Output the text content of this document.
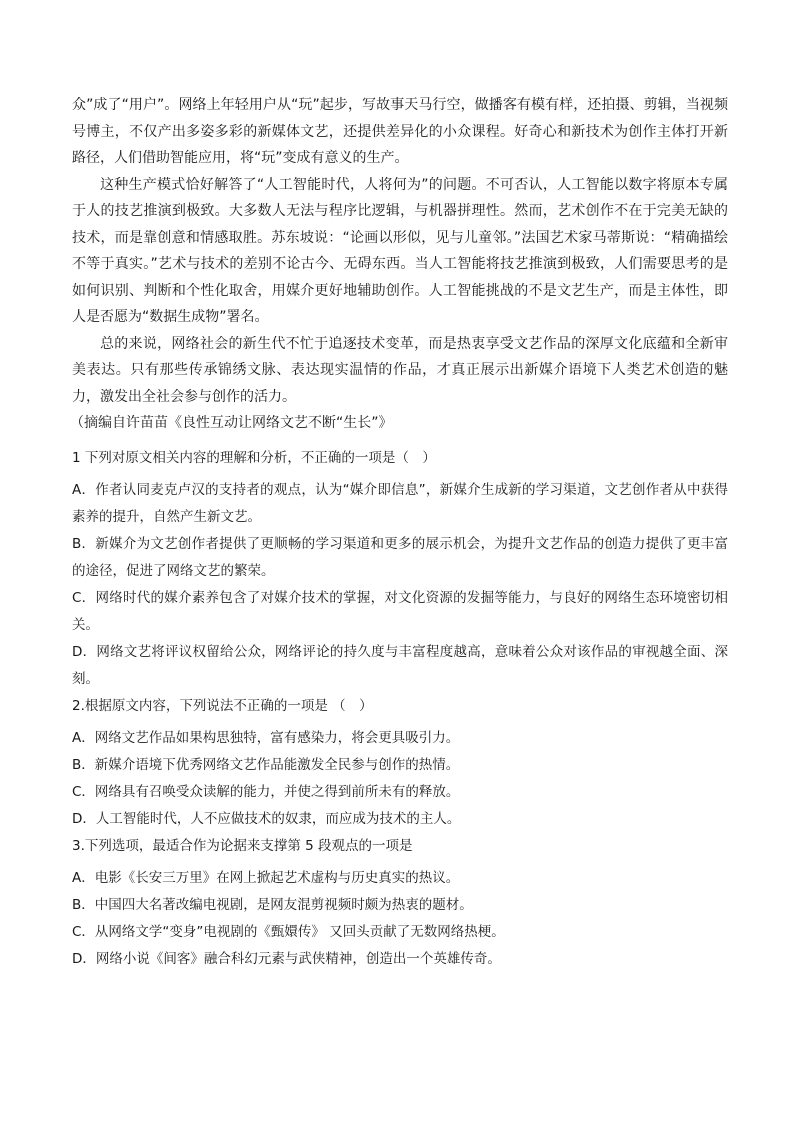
众”成了“用户”。网络上年轻用户从“玩”起步，写故事天马行空，做播客有模有样，还拍摄、剪辑，当视频号博主，不仅产出多姿多彩的新媒体文艺，还提供差异化的小众课程。好奇心和新技术为创作主体打开新路径，人们借助智能应用，将“玩”变成有意义的生产。

这种生产模式恰好解答了“人工智能时代，人将何为”的问题。不可否认，人工智能以数字将原本专属于人的技艺推演到极致。大多数人无法与程序比逻辑，与机器拼理性。然而，艺术创作不在于完美无缺的技术，而是靠创意和情感取胜。苏东坡说：“论画以形似，见与儿童邻。”法国艺术家马蒂斯说：“精确描绘不等于真实。”艺术与技术的差别不论古今、无碍东西。当人工智能将技艺推演到极致，人们需要思考的是如何识别、判断和个性化取舍，用媒介更好地辅助创作。人工智能挑战的不是文艺生产，而是主体性，即人是否愿为“数据生成物”署名。

总的来说，网络社会的新生代不忙于追逐技术变革，而是热衷享受文艺作品的深厚文化底蕴和全新审美表达。只有那些传承锦绣文脉、表达现实温情的作品，才真正展示出新媒介语境下人类艺术创造的魅力，激发出全社会参与创作的活力。

（摘编自许苗苗《良性互动让网络文艺不断“生长”》

1 下列对原文相关内容的理解和分析，不正确的一项是（　）

A．作者认同麦克卢汉的支持者的观点，认为“媒介即信息”，新媒介生成新的学习渠道，文艺创作者从中获得素养的提升，自然产生新文艺。

B．新媒介为文艺创作者提供了更顺畅的学习渠道和更多的展示机会，为提升文艺作品的创造力提供了更丰富的途径，促进了网络文艺的繁荣。

C．网络时代的媒介素养包含了对媒介技术的掌握，对文化资源的发掘等能力，与良好的网络生态环境密切相关。

D．网络文艺将评议权留给公众，网络评论的持久度与丰富程度越高，意味着公众对该作品的审视越全面、深刻。

2.根据原文内容，下列说法不正确的一项是 （　）

A．网络文艺作品如果构思独特，富有感染力，将会更具吸引力。

B．新媒介语境下优秀网络文艺作品能激发全民参与创作的热情。

C．网络具有召唤受众读解的能力，并使之得到前所未有的释放。

D．人工智能时代，人不应做技术的奴隶，而应成为技术的主人。

3.下列选项，最适合作为论据来支撑第 5 段观点的一项是

A．电影《长安三万里》在网上掀起艺术虚构与历史真实的热议。

B．中国四大名著改编电视剧，是网友混剪视频时颇为热衷的题材。

C．从网络文学“变身”电视剧的《甄嬛传》 又回头贡献了无数网络热梗。

D．网络小说《间客》融合科幻元素与武侠精神，创造出一个英雄传奇。
